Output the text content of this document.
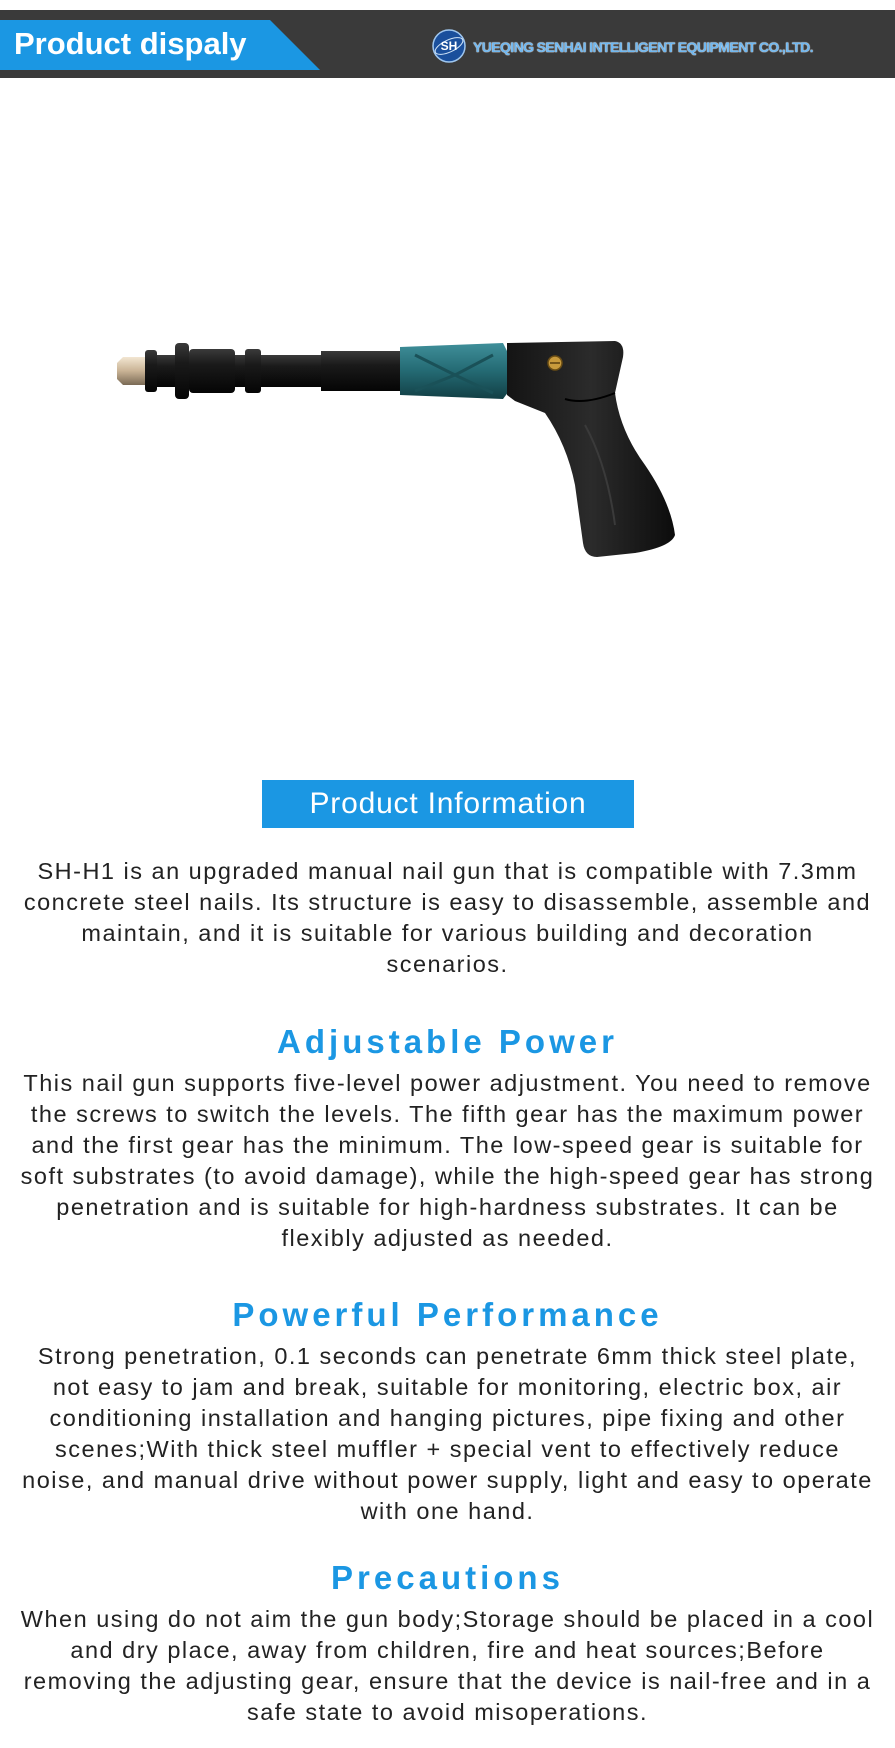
Product dispaly	SH YUEQING SENHAI INTELLIGENT EQUIPMENT CO.,LTD.
Product Information
SH-H1 is an upgraded manual nail gun that is compatible with 7.3mm concrete steel nails. Its structure is easy to disassemble, assemble and maintain, and it is suitable for various building and decoration scenarios.
Adjustable Power
This nail gun supports five-level power adjustment. You need to remove the screws to switch the levels. The fifth gear has the maximum power and the first gear has the minimum. The low-speed gear is suitable for soft substrates (to avoid damage), while the high-speed gear has strong penetration and is suitable for high-hardness substrates. It can be flexibly adjusted as needed.
Powerful Performance
Strong penetration, 0.1 seconds can penetrate 6mm thick steel plate, not easy to jam and break, suitable for monitoring, electric box, air conditioning installation and hanging pictures, pipe fixing and other scenes;With thick steel muffler + special vent to effectively reduce noise, and manual drive without power supply, light and easy to operate with one hand.
Precautions
When using do not aim the gun body;Storage should be placed in a cool and dry place, away from children, fire and heat sources;Before removing the adjusting gear, ensure that the device is nail-free and in a safe state to avoid misoperations.
